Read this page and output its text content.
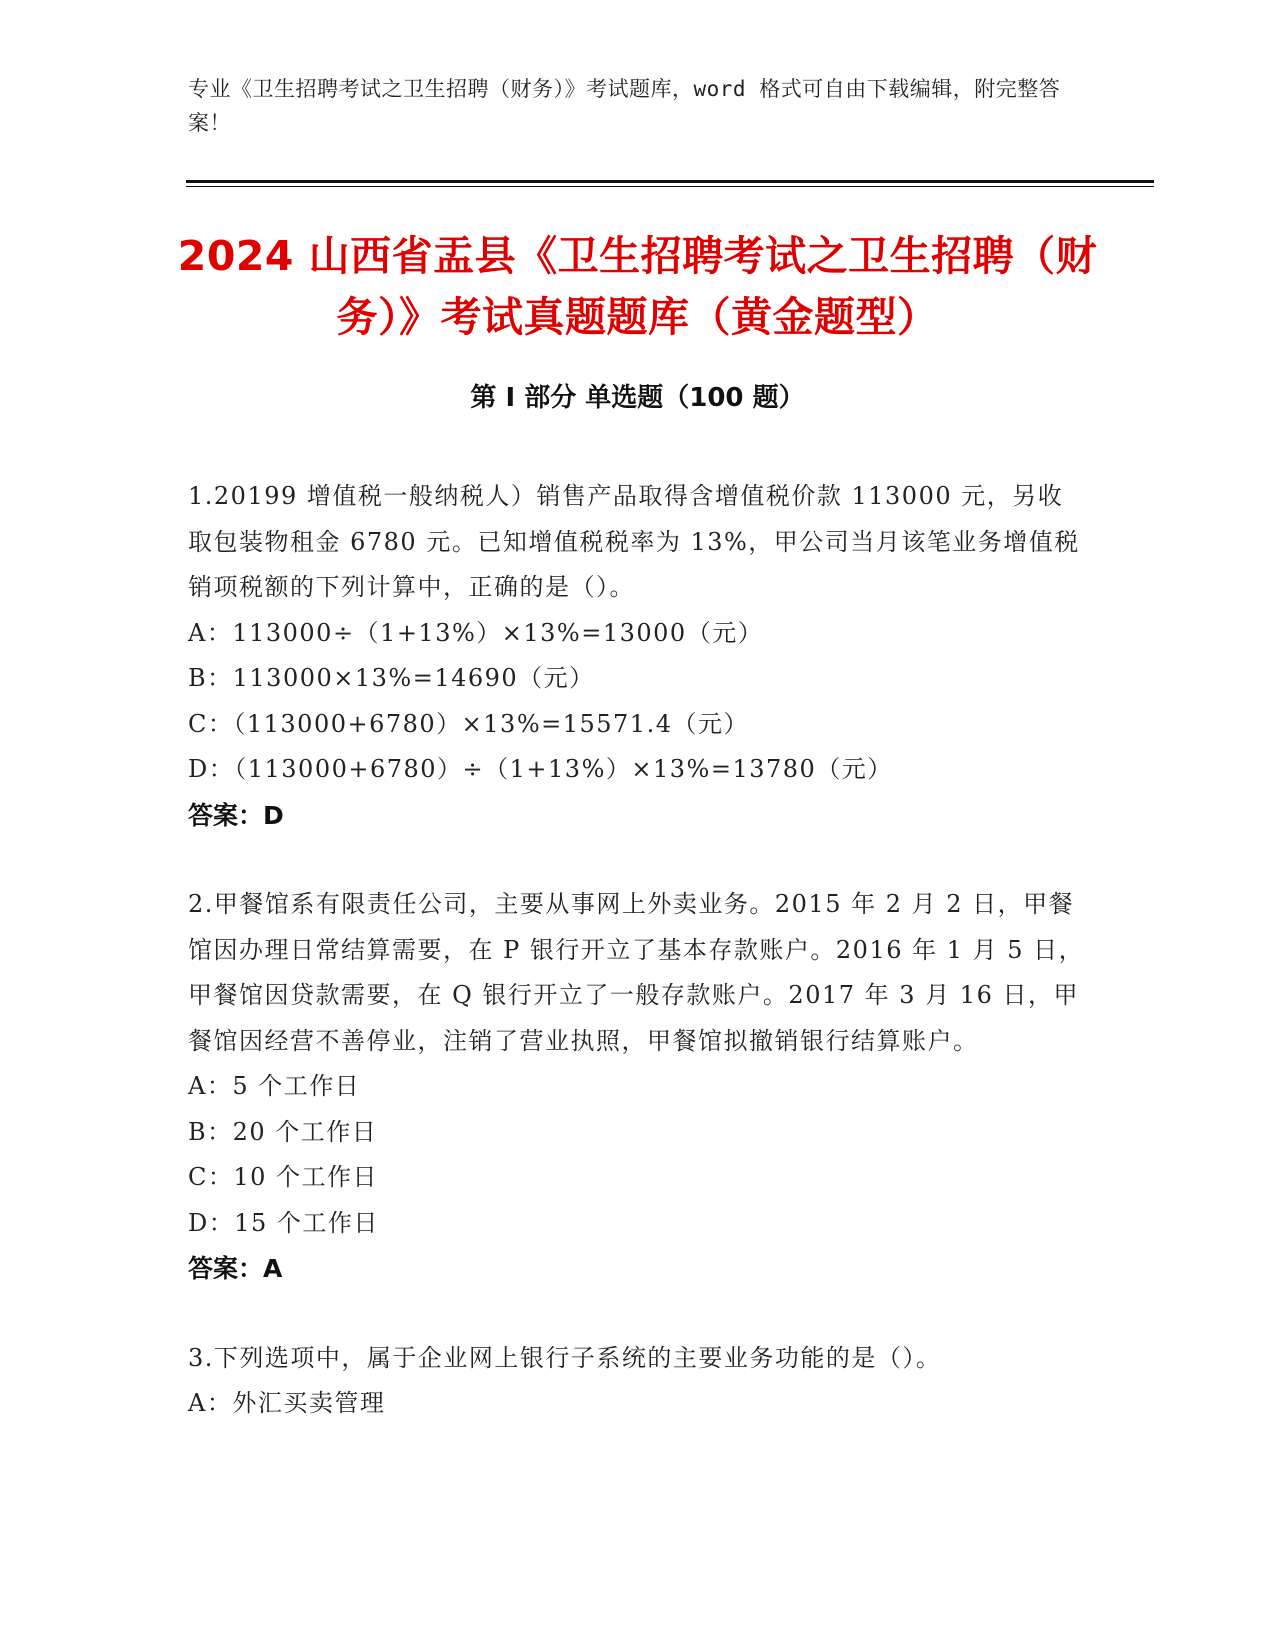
专业《卫生招聘考试之卫生招聘（财务）》考试题库，word 格式可自由下载编辑，附完整答案！
2024 山西省盂县《卫生招聘考试之卫生招聘（财务）》考试真题题库（黄金题型）
第 I 部分 单选题（100 题）
1.20199 增值税一般纳税人）销售产品取得含增值税价款 113000 元，另收取包装物租金 6780 元。已知增值税税率为 13%，甲公司当月该笔业务增值税销项税额的下列计算中，正确的是（）。
A：113000÷（1+13%）×13%=13000（元）
B：113000×13%=14690（元）
C：（113000+6780）×13%=15571.4（元）
D：（113000+6780）÷（1+13%）×13%=13780（元）
答案：D
2.甲餐馆系有限责任公司，主要从事网上外卖业务。2015 年 2 月 2 日，甲餐馆因办理日常结算需要，在 P 银行开立了基本存款账户。2016 年 1 月 5 日，甲餐馆因贷款需要，在 Q 银行开立了一般存款账户。2017 年 3 月 16 日，甲餐馆因经营不善停业，注销了营业执照，甲餐馆拟撤销银行结算账户。
A：5 个工作日
B：20 个工作日
C：10 个工作日
D：15 个工作日
答案：A
3.下列选项中，属于企业网上银行子系统的主要业务功能的是（）。
A：外汇买卖管理
